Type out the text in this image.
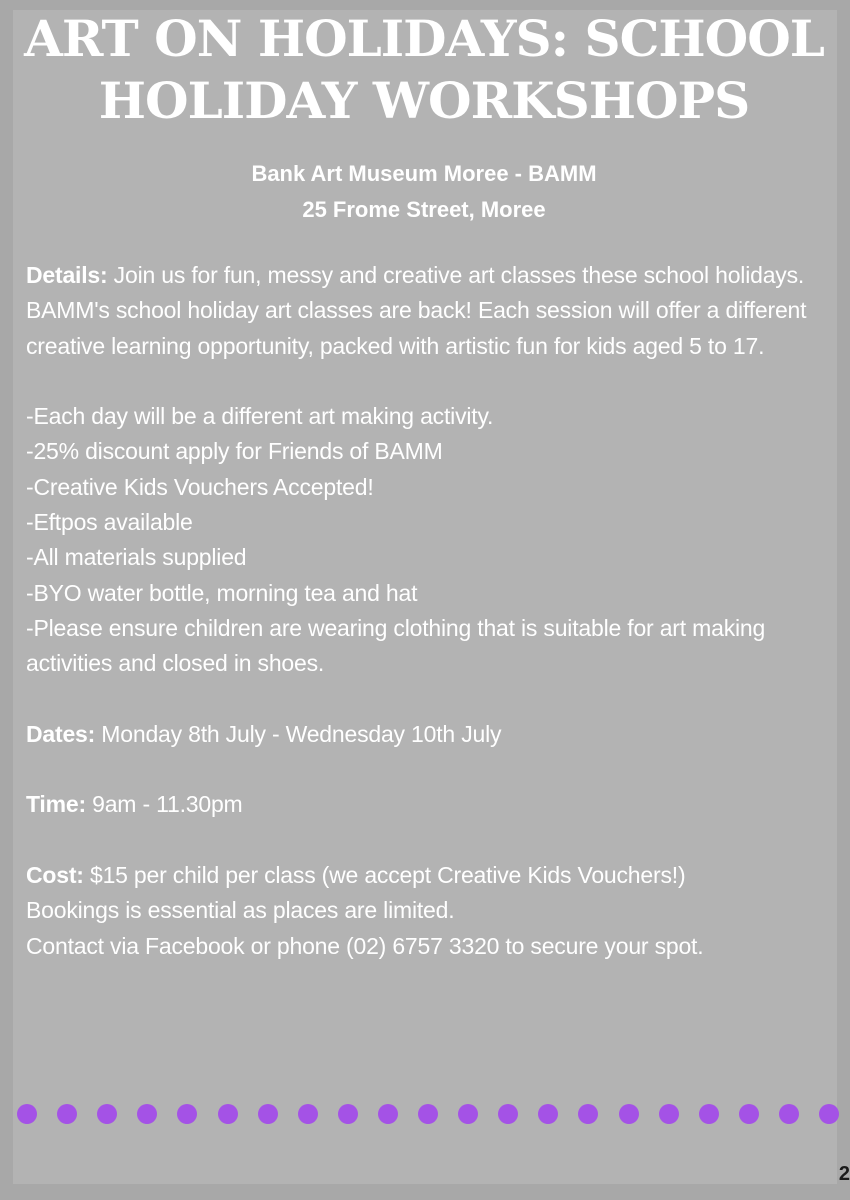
ART ON HOLIDAYS: SCHOOL HOLIDAY WORKSHOPS
Bank Art Museum Moree - BAMM
25 Frome Street, Moree

Details: Join us for fun, messy and creative art classes these school holidays.

BAMM's school holiday art classes are back! Each session will offer a different creative learning opportunity, packed with artistic fun for kids aged 5 to 17.

-Each day will be a different art making activity.

-25% discount apply for Friends of BAMM

-Creative Kids Vouchers Accepted!

-Eftpos available

-All materials supplied

-BYO water bottle, morning tea and hat

-Please ensure children are wearing clothing that is suitable for art making activities and closed in shoes.

Dates: Monday 8th July - Wednesday 10th July

Time: 9am - 11.30pm

Cost: $15 per child per class (we accept Creative Kids Vouchers!)

Bookings is essential as places are limited.

Contact via Facebook or phone (02) 6757 3320 to secure your spot.

2
